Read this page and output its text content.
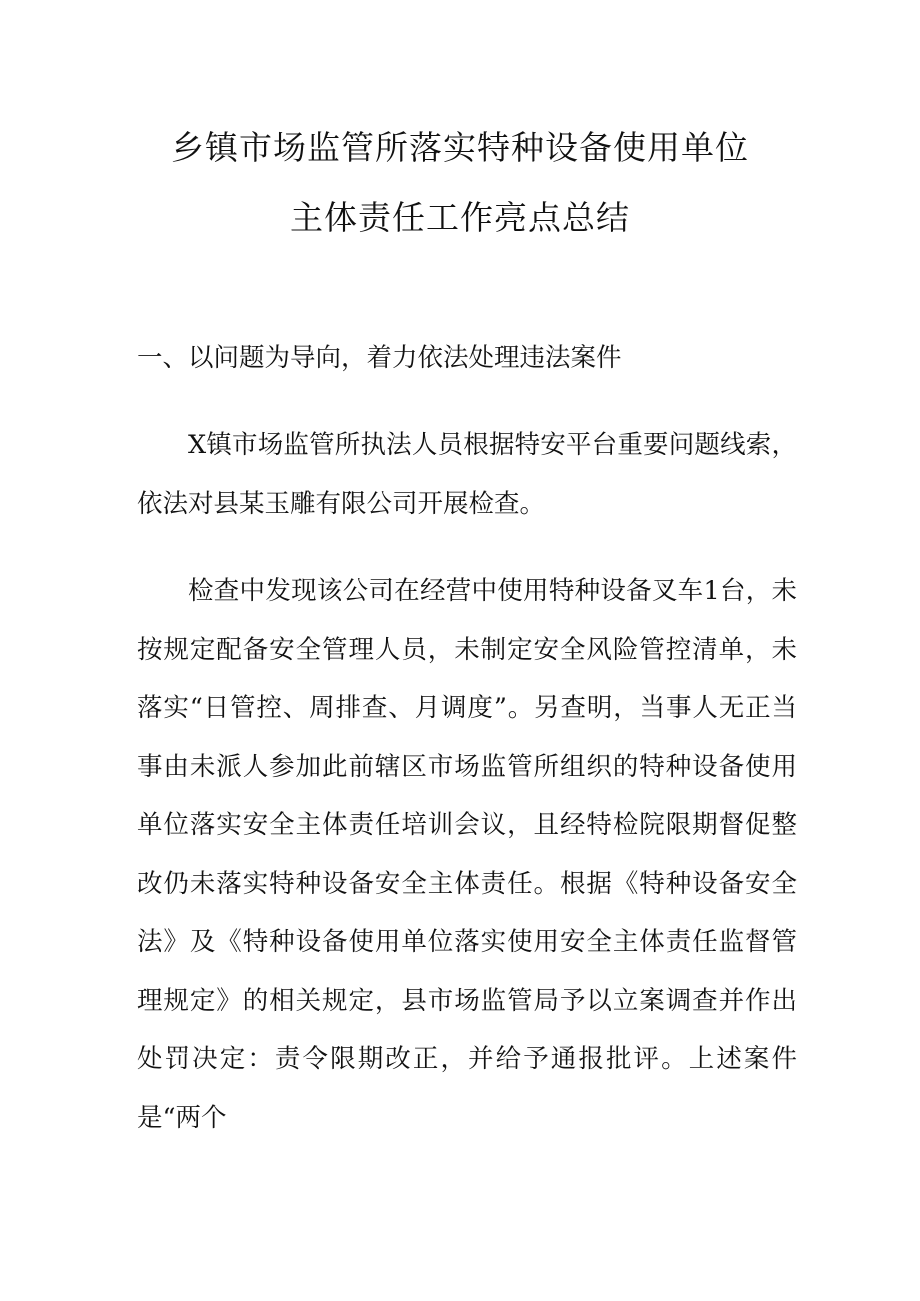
乡镇市场监管所落实特种设备使用单位
主体责任工作亮点总结
一、以问题为导向，着力依法处理违法案件

X镇市场监管所执法人员根据特安平台重要问题线索，依法对县某玉雕有限公司开展检查。

检查中发现该公司在经营中使用特种设备叉车1台，未按规定配备安全管理人员，未制定安全风险管控清单，未落实“日管控、周排查、月调度”。另查明，当事人无正当事由未派人参加此前辖区市场监管所组织的特种设备使用单位落实安全主体责任培训会议，且经特检院限期督促整改仍未落实特种设备安全主体责任。根据《特种设备安全法》及《特种设备使用单位落实使用安全主体责任监督管理规定》的相关规定，县市场监管局予以立案调查并作出处罚决定：责令限期改正，并给予通报批评。上述案件是“两个
